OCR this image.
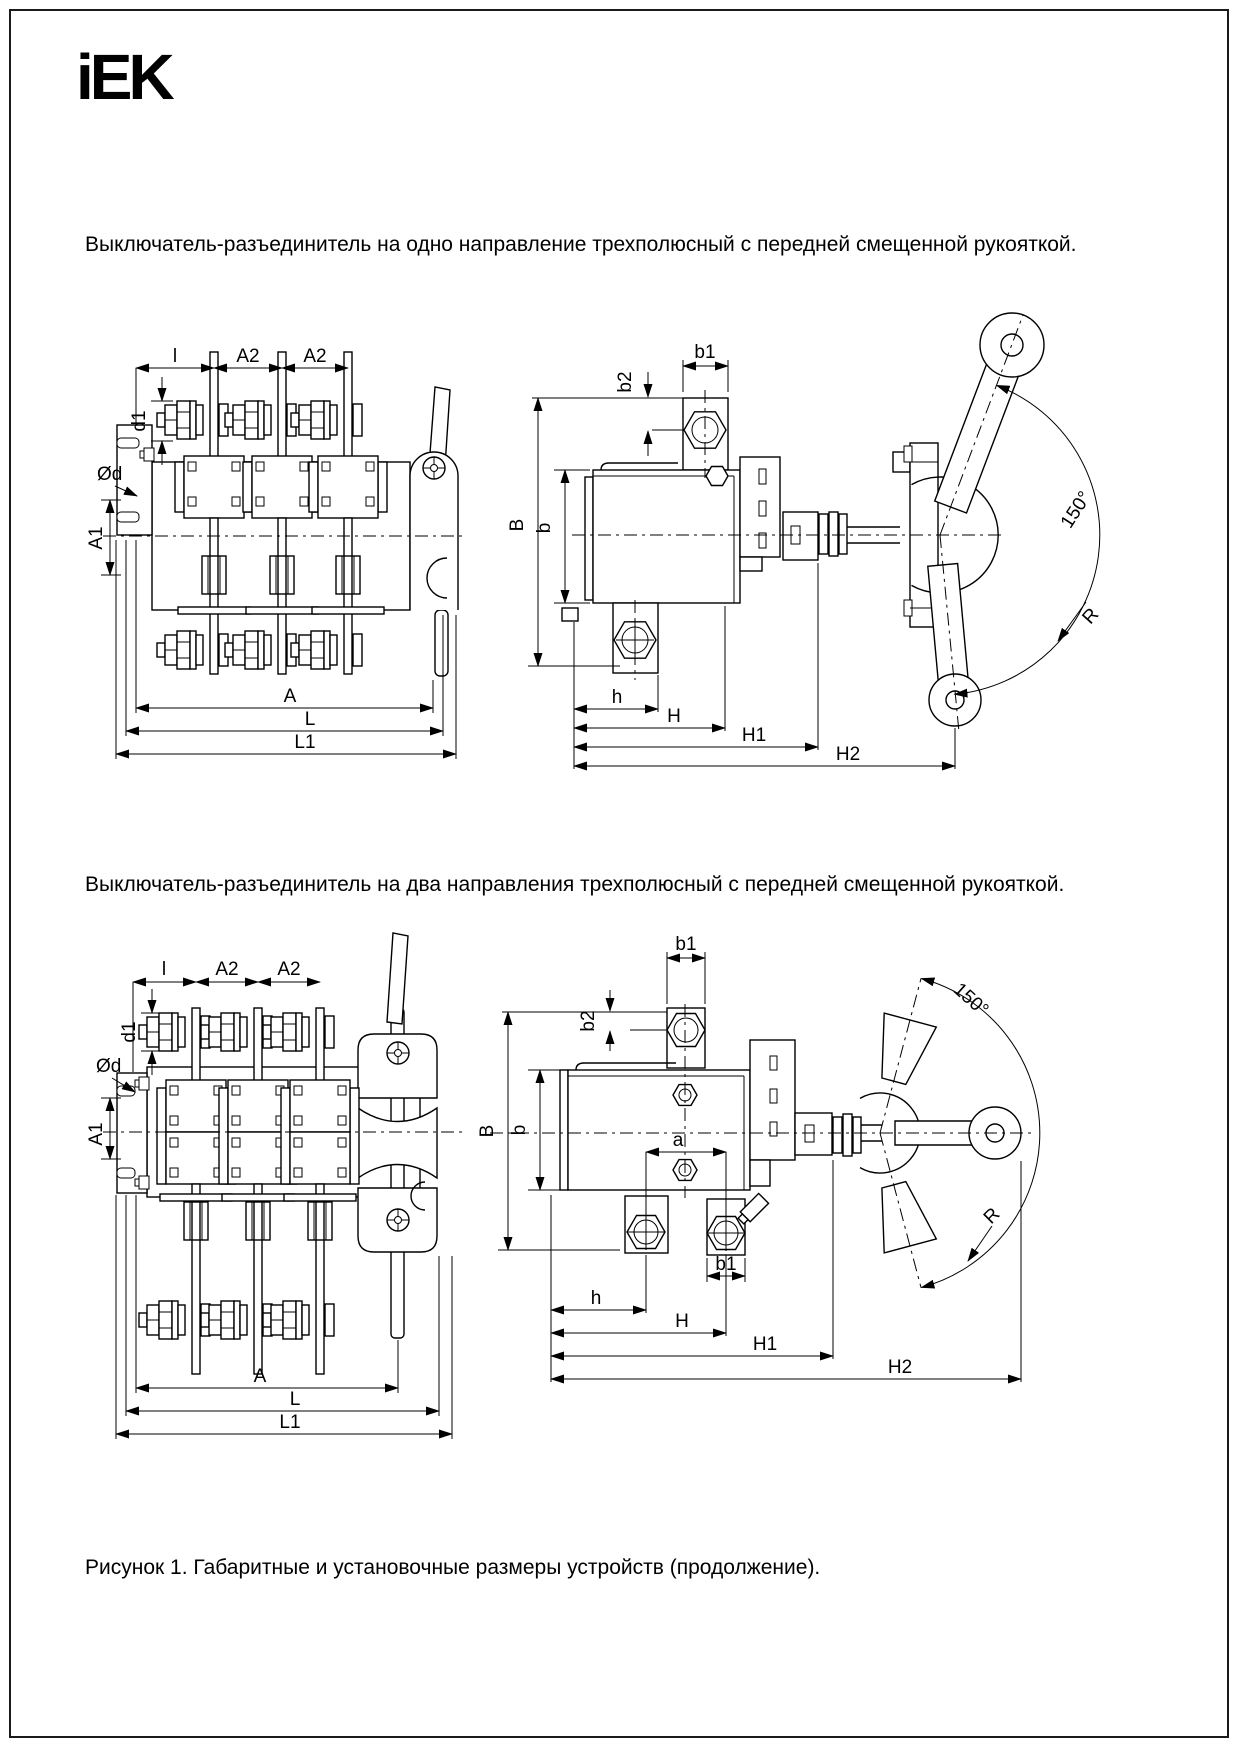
iEK
Выключатель-разъединитель на одно направление трехполюсный с передней смещенной рукояткой.
l	A2 A2
d1
Ød
A1
A
L
L1
b1
b2
B b	150°
R
h
H
H1
H2
Выключатель-разъединитель на два направления трехполюсный с передней смещенной рукояткой.
l	A2 A2
d1
Ød
A1
A
L
L1
b1
b2
B b	a
b1
150°
R
h
H
H1
H2
Рисунок 1. Габаритные и установочные размеры устройств (продолжение).
